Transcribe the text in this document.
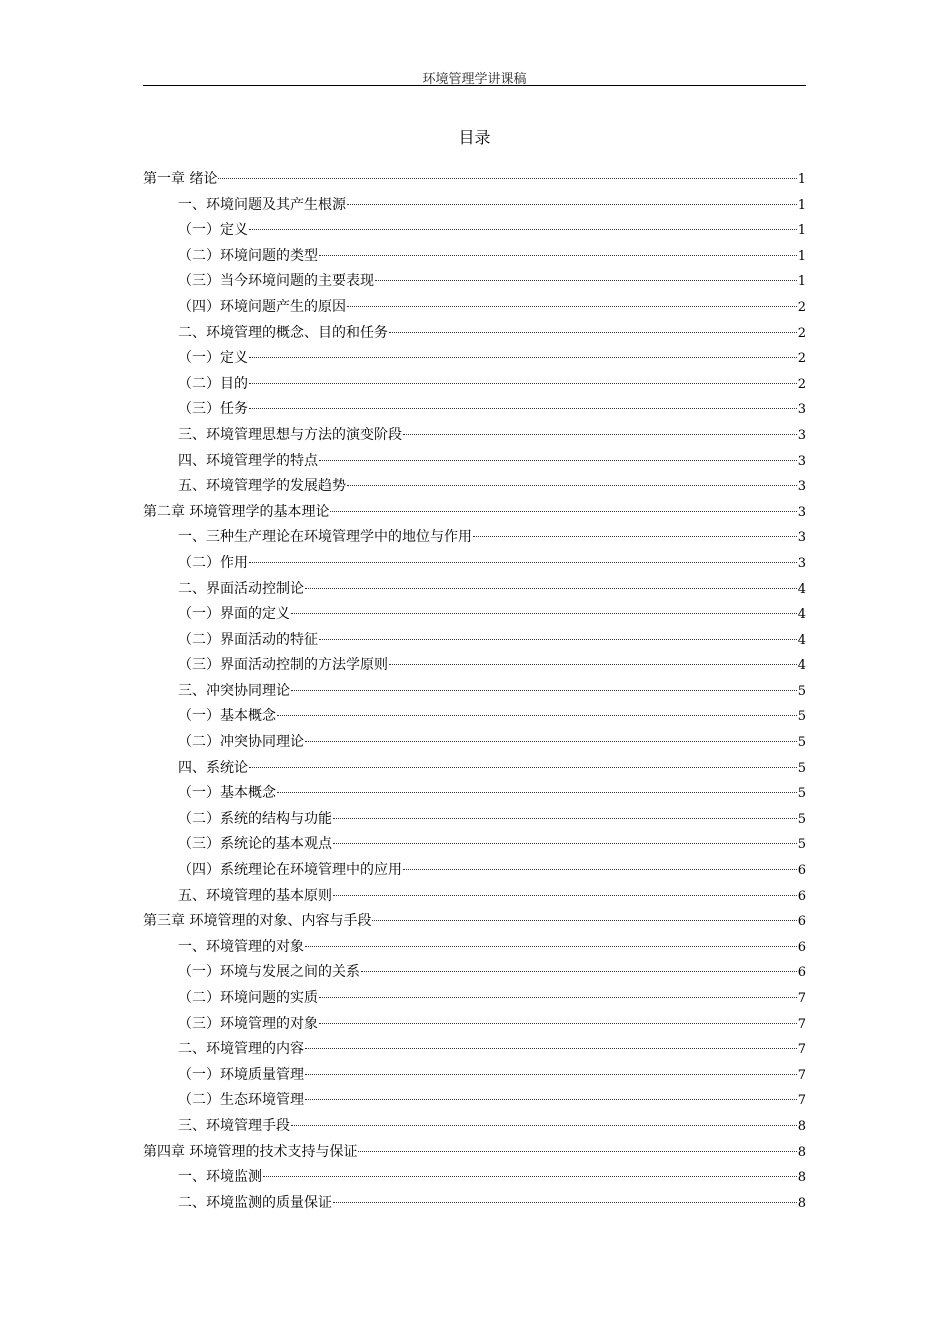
环境管理学讲课稿
目录
第一章 绪论	1
一、环境问题及其产生根源	1
（一）定义	1
（二）环境问题的类型	1
（三）当今环境问题的主要表现	1
（四）环境问题产生的原因	2
二、环境管理的概念、目的和任务	2
（一）定义	2
（二）目的	2
（三）任务	3
三、环境管理思想与方法的演变阶段	3
四、环境管理学的特点	3
五、环境管理学的发展趋势	3
第二章 环境管理学的基本理论	3
一、三种生产理论在环境管理学中的地位与作用	3
（二）作用	3
二、界面活动控制论	4
（一）界面的定义	4
（二）界面活动的特征	4
（三）界面活动控制的方法学原则	4
三、冲突协同理论	5
（一）基本概念	5
（二）冲突协同理论	5
四、系统论	5
（一）基本概念	5
（二）系统的结构与功能	5
（三）系统论的基本观点	5
（四）系统理论在环境管理中的应用	6
五、环境管理的基本原则	6
第三章 环境管理的对象、内容与手段	6
一、环境管理的对象	6
（一）环境与发展之间的关系	6
（二）环境问题的实质	7
（三）环境管理的对象	7
二、环境管理的内容	7
（一）环境质量管理	7
（二）生态环境管理	7
三、环境管理手段	8
第四章 环境管理的技术支持与保证	8
一、环境监测	8
二、环境监测的质量保证	8
